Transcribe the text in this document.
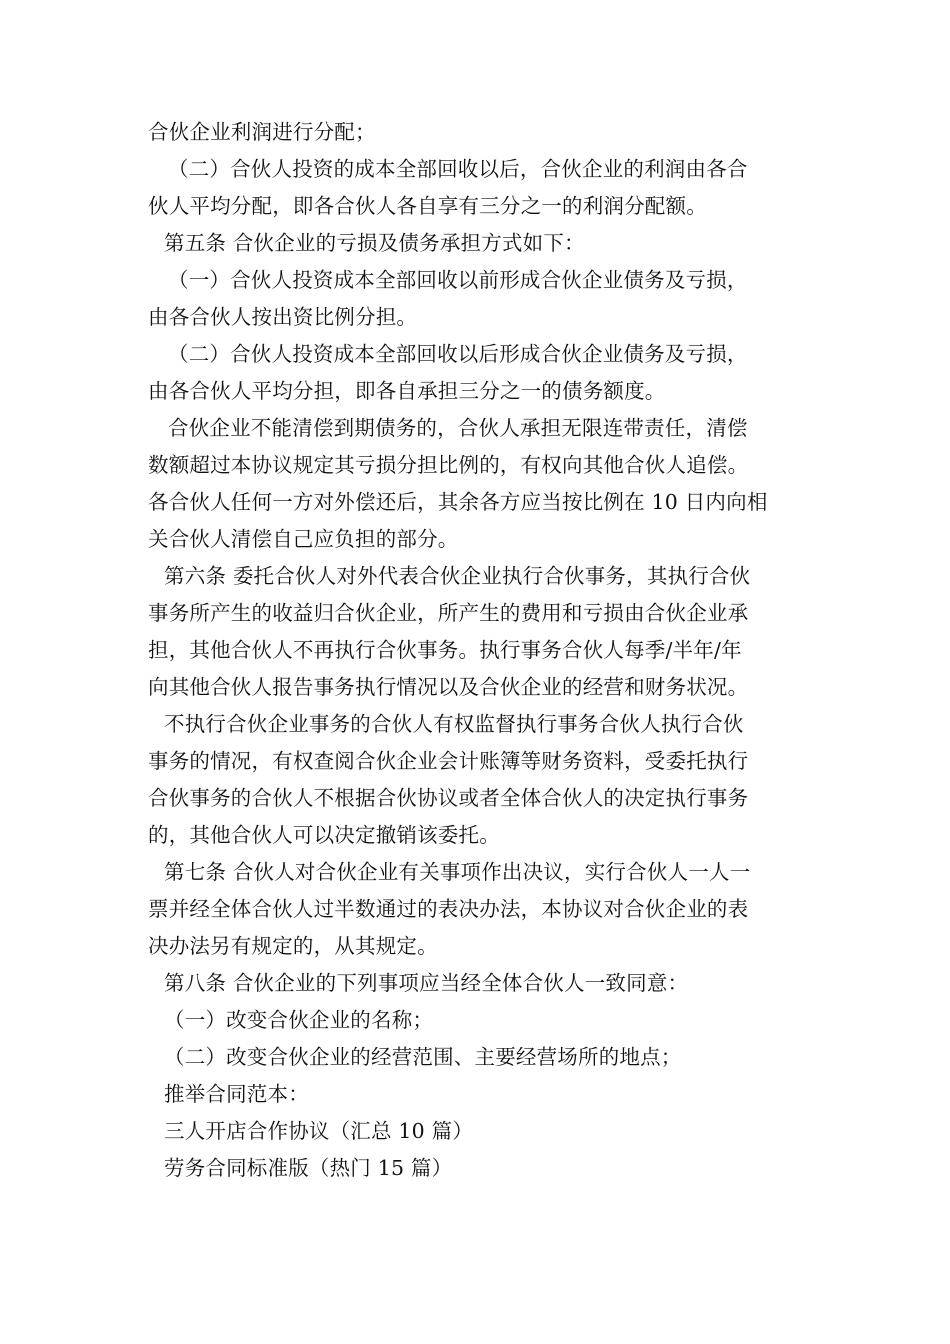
合伙企业利润进行分配；
（二）合伙人投资的成本全部回收以后，合伙企业的利润由各合
伙人平均分配，即各合伙人各自享有三分之一的利润分配额。
第五条 合伙企业的亏损及债务承担方式如下：
（一）合伙人投资成本全部回收以前形成合伙企业债务及亏损，
由各合伙人按出资比例分担。
（二）合伙人投资成本全部回收以后形成合伙企业债务及亏损，
由各合伙人平均分担，即各自承担三分之一的债务额度。
合伙企业不能清偿到期债务的，合伙人承担无限连带责任，清偿
数额超过本协议规定其亏损分担比例的，有权向其他合伙人追偿。
各合伙人任何一方对外偿还后，其余各方应当按比例在 10 日内向相
关合伙人清偿自己应负担的部分。
第六条 委托合伙人对外代表合伙企业执行合伙事务，其执行合伙
事务所产生的收益归合伙企业，所产生的费用和亏损由合伙企业承
担，其他合伙人不再执行合伙事务。执行事务合伙人每季/半年/年
向其他合伙人报告事务执行情况以及合伙企业的经营和财务状况。
不执行合伙企业事务的合伙人有权监督执行事务合伙人执行合伙
事务的情况，有权查阅合伙企业会计账簿等财务资料，受委托执行
合伙事务的合伙人不根据合伙协议或者全体合伙人的决定执行事务
的，其他合伙人可以决定撤销该委托。
第七条 合伙人对合伙企业有关事项作出决议，实行合伙人一人一
票并经全体合伙人过半数通过的表决办法，本协议对合伙企业的表
决办法另有规定的，从其规定。
第八条 合伙企业的下列事项应当经全体合伙人一致同意：
（一）改变合伙企业的名称；
（二）改变合伙企业的经营范围、主要经营场所的地点；
推举合同范本：
三人开店合作协议（汇总 10 篇）
劳务合同标准版（热门 15 篇）
